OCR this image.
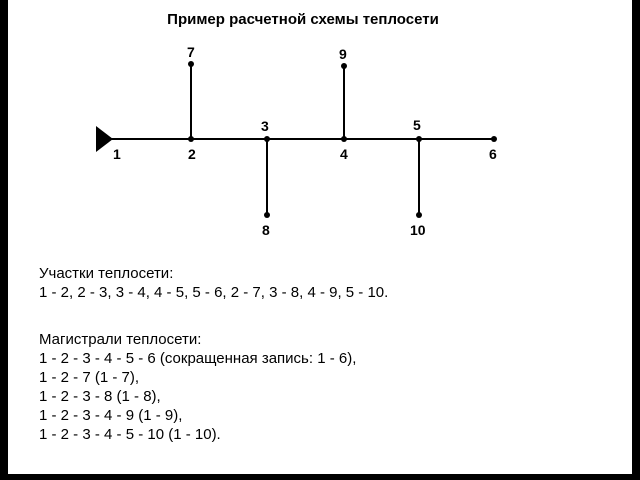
Пример расчетной схемы теплосети
1	2
3
4
5
6
7
8
9
10
Участки теплосети:
1 - 2, 2 - 3, 3 - 4, 4 - 5, 5 - 6, 2 - 7, 3 - 8, 4 - 9, 5 - 10.
Магистрали теплосети:
1 - 2 - 3 - 4 - 5 - 6 (сокращенная запись: 1 - 6),
1 - 2 - 7 (1 - 7),
1 - 2 - 3 - 8 (1 - 8),
1 - 2 - 3 - 4 - 9 (1 - 9),
1 - 2 - 3 - 4 - 5 - 10 (1 - 10).
